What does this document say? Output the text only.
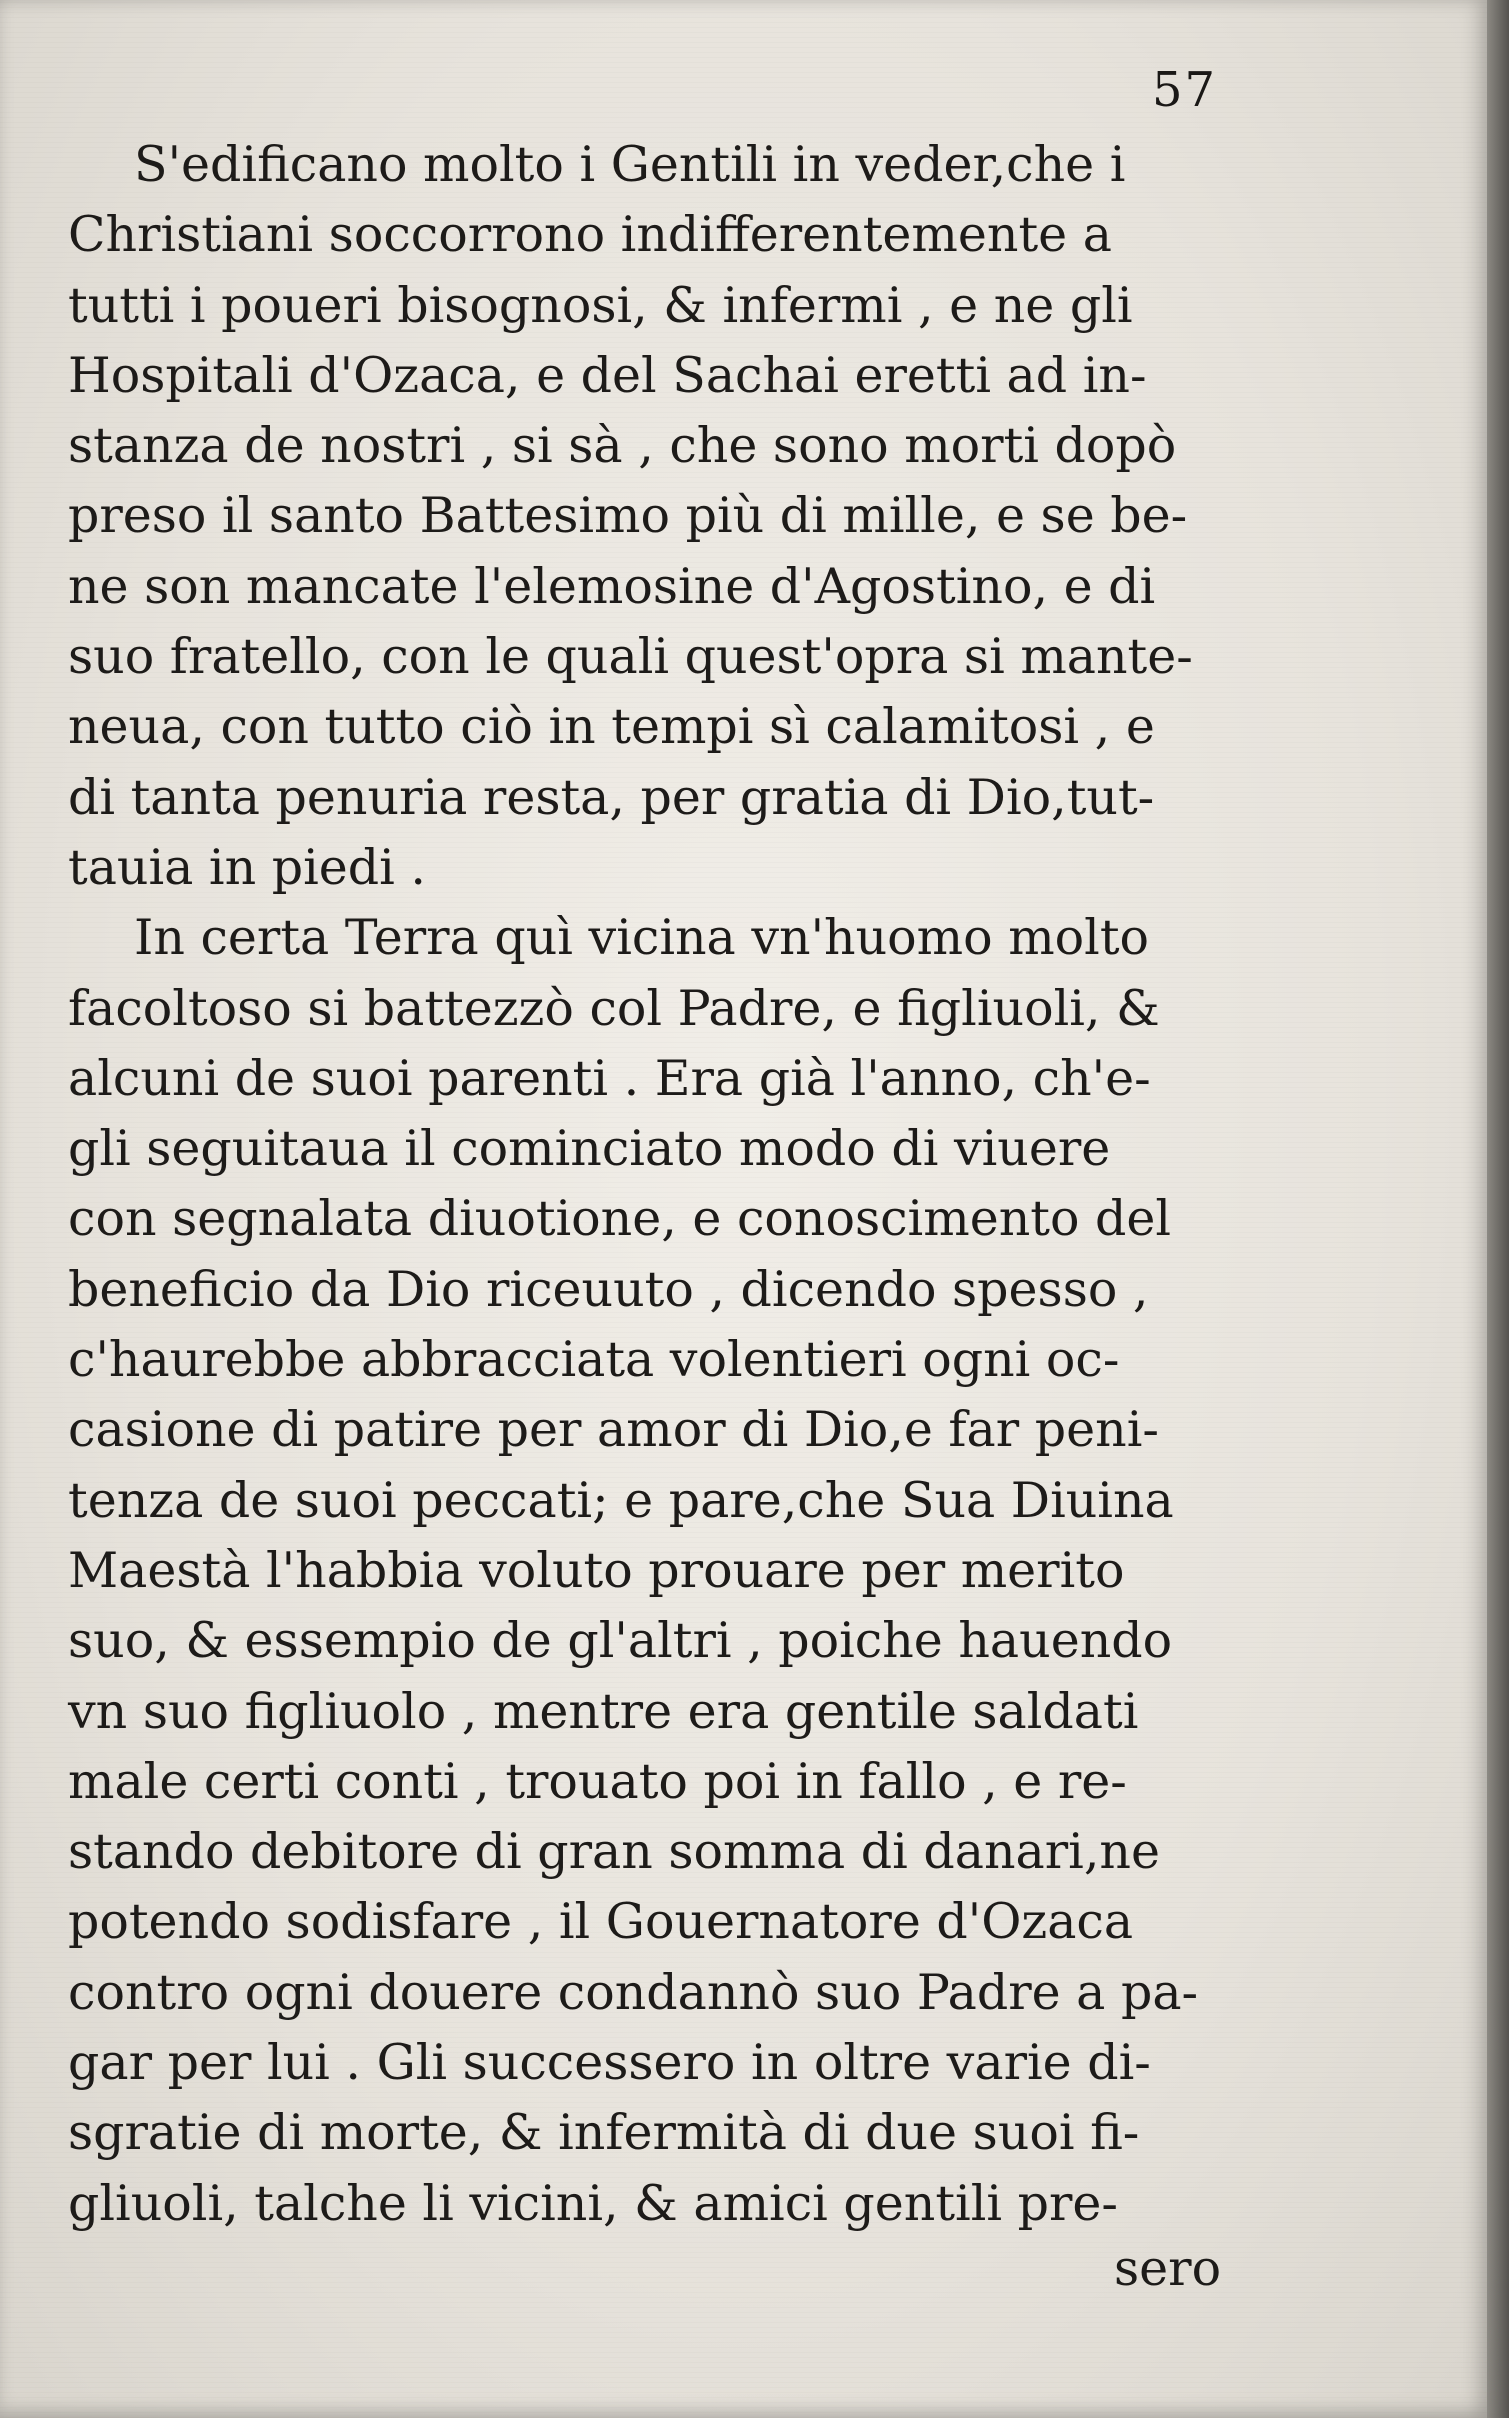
57
S'edificano molto i Gentili in veder,che i
Christiani soccorrono indifferentemente a
tutti i poueri bisognosi, & infermi , e ne gli
Hospitali d'Ozaca, e del Sachai eretti ad in-
stanza de nostri , si sà , che sono morti dopò
preso il santo Battesimo più di mille, e se be-
ne son mancate l'elemosine d'Agostino, e di
suo fratello, con le quali quest'opra si mante-
neua, con tutto ciò in tempi sì calamitosi , e
di tanta penuria resta, per gratia di Dio,tut-
tauia in piedi .
In certa Terra quì vicina vn'huomo molto
facoltoso si battezzò col Padre, e figliuoli, &
alcuni de suoi parenti . Era già l'anno, ch'e-
gli seguitaua il cominciato modo di viuere
con segnalata diuotione, e conoscimento del
beneficio da Dio riceuuto , dicendo spesso ,
c'haurebbe abbracciata volentieri ogni oc-
casione di patire per amor di Dio,e far peni-
tenza de suoi peccati; e pare,che Sua Diuina
Maestà l'habbia voluto prouare per merito
suo, & essempio de gl'altri , poiche hauendo
vn suo figliuolo , mentre era gentile saldati
male certi conti , trouato poi in fallo , e re-
stando debitore di gran somma di danari,ne
potendo sodisfare , il Gouernatore d'Ozaca
contro ogni douere condannò suo Padre a pa-
gar per lui . Gli successero in oltre varie di-
sgratie di morte, & infermità di due suoi fi-
gliuoli, talche li vicini, & amici gentili pre-
sero
